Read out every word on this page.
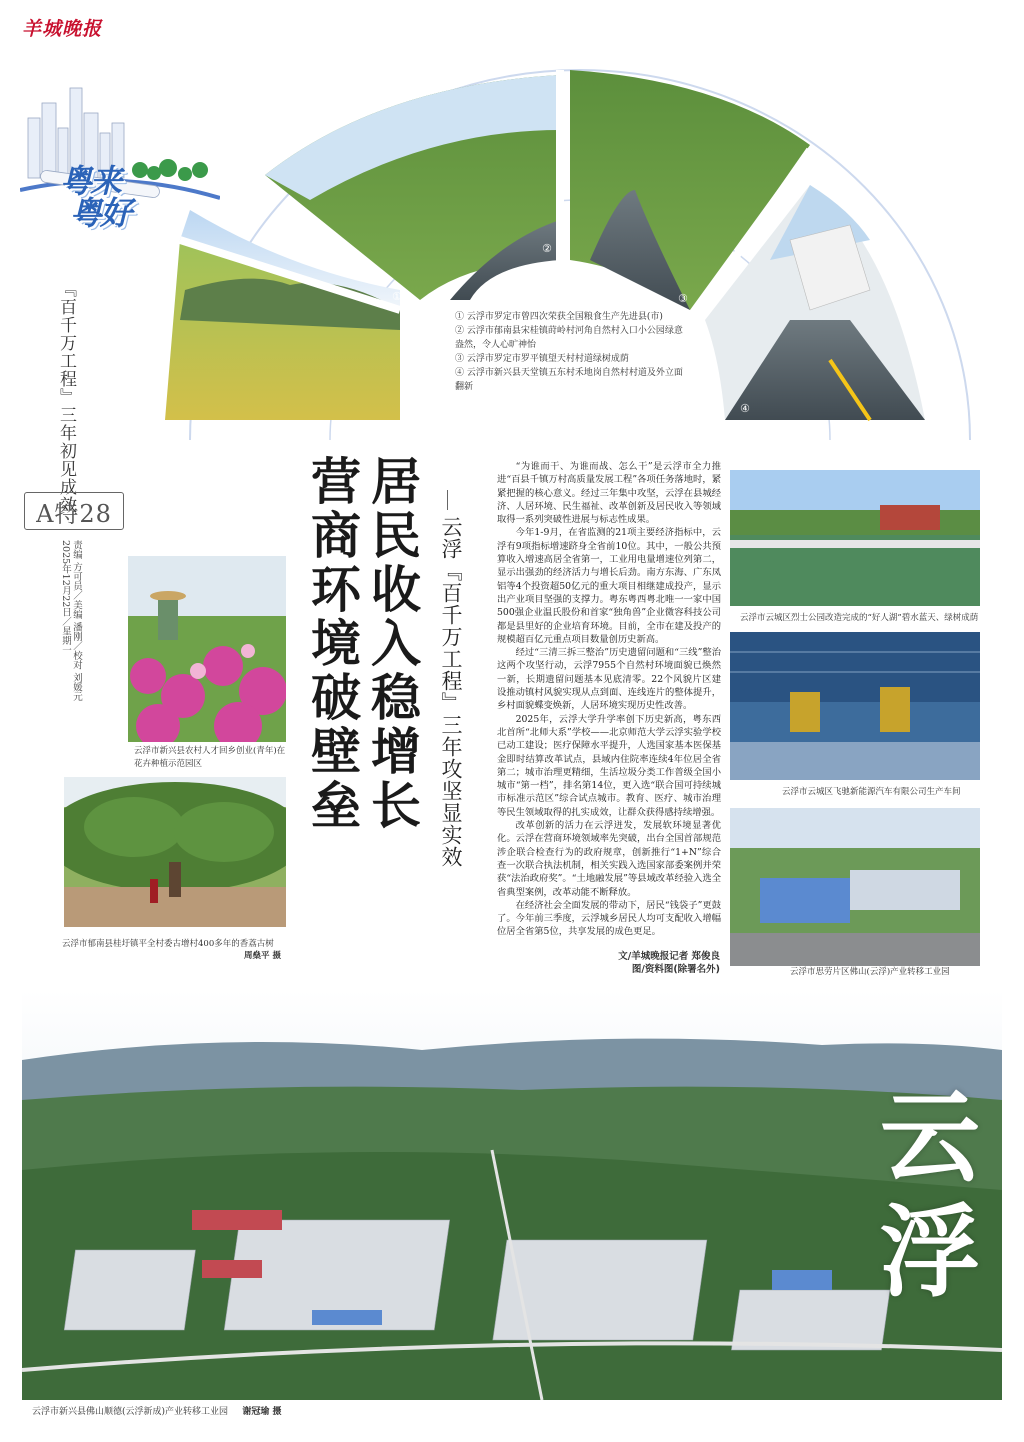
羊城晚报
粤来
粤好
『百千万工程』三年初见成效
A特28
责编 方可员／美编 潘刚／校对 刘媛元
2025年12月22日／星期一
①
②
③
④

① 云浮市罗定市曾四次荣获全国粮食生产先进县(市)

② 云浮市郁南县宋桂镇莳岭村河角自然村入口小公园绿意盎然，令人心旷神怡

③ 云浮市罗定市罗平镇望天村村道绿树成荫

④ 云浮市新兴县天堂镇五东村禾地岗自然村村道及外立面翻新

居民收入稳增长
营商环境破壁垒	云浮『百千万工程』三年攻坚显实效
云浮市新兴县农村人才回乡创业(青年)在花卉种植示范园区
云浮市郁南县桂圩镇平全村委古增村400多年的香荔古树
周燊平 摄

“为谁而干、为谁而战、怎么干”是云浮市全力推进“百县千镇万村高质量发展工程”各项任务落地时，紧紧把握的核心意义。经过三年集中攻坚，云浮在县城经济、人居环境、民生福祉、改革创新及居民收入等领域取得一系列突破性进展与标志性成果。

今年1-9月，在省监测的21项主要经济指标中，云浮有9项指标增速跻身全省前10位。其中，一般公共预算收入增速高居全省第一，工业用电量增速位列第二，显示出强劲的经济活力与增长后劲。南方东海、广东凤铝等4个投资超50亿元的重大项目相继建成投产，显示出产业项目坚强的支撑力。粤东粤西粤北唯一一家中国500强企业温氏股份和首家“独角兽”企业微容科技公司都是县里好的企业培育环境。目前，全市在建及投产的规模超百亿元重点项目数量创历史新高。

经过“三清三拆三整治”历史遗留问题和“三线”整治这两个攻坚行动，云浮7955个自然村环境面貌已焕然一新，长期遗留问题基本见底清零。22个风貌片区建设推动镇村风貌实现从点到面、连线连片的整体提升，乡村面貌蝶变焕新，人居环境实现历史性改善。

2025年，云浮大学升学率创下历史新高，粤东西北首所“北师大系”学校——北京师范大学云浮实验学校已动工建设；医疗保障水平提升，人选国家基本医保基金即时结算改革试点，县域内住院率连续4年位居全省第二；城市治理更精细，生活垃圾分类工作普级全国小城市“第一档”，排名第14位，更入选“联合国可持续城市标准示范区”综合试点城市。教育、医疗、城市治理等民生领域取得的扎实成效，让群众获得感持续增强。

改革创新的活力在云浮迸发，发展软环境显著优化。云浮在营商环境领域率先突破，出台全国首部规范涉企联合检查行为的政府规章，创新推行“1+N”综合查一次联合执法机制，相关实践入选国家部委案例并荣获“法治政府奖”。“土地融发展”等县域改革经验入选全省典型案例，改革动能不断释放。

在经济社会全面发展的带动下，居民“钱袋子”更鼓了。今年前三季度，云浮城乡居民人均可支配收入增幅位居全省第5位，共享发展的成色更足。

文/羊城晚报记者 郑俊良
图/资料图(除署名外)
云浮市云城区烈士公园改造完成的“好人湖”碧水蓝天、绿树成荫
云浮市云城区飞驰新能源汽车有限公司生产车间
云浮市思劳片区佛山(云浮)产业转移工业园
云
浮
云浮市新兴县佛山顺德(云浮新成)产业转移工业园 谢冠瑜 摄
